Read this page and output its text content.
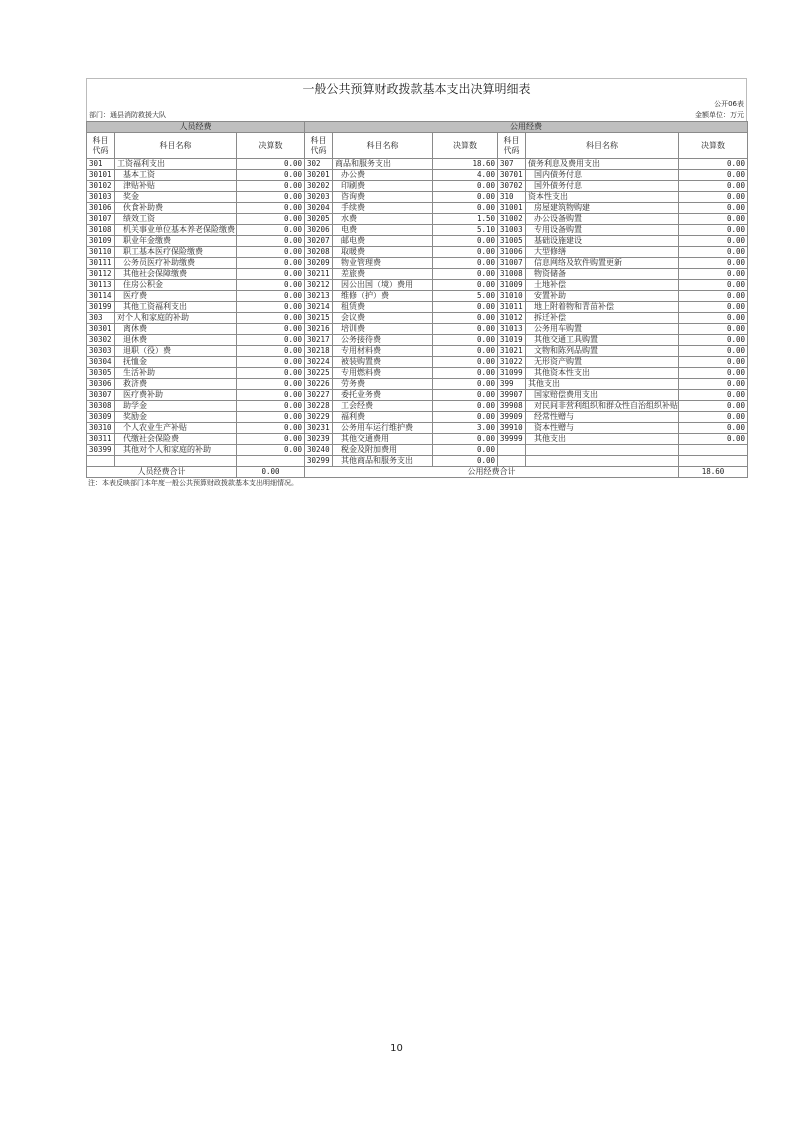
一般公共预算财政拨款基本支出决算明细表
公开06表
部门：通县消防救援大队	金额单位：万元
人员经费			公用经费					
科目代码	科目名称	决算数	科目代码	科目名称	决算数	科目代码	科目名称	决算数
301	工资福利支出	0.00	302	商品和服务支出	18.60	307	债务利息及费用支出	0.00
30101	基本工资	0.00	30201	办公费	4.00	30701	国内债务付息	0.00
30102	津贴补贴	0.00	30202	印刷费	0.00	30702	国外债务付息	0.00
30103	奖金	0.00	30203	咨询费	0.00	310	资本性支出	0.00
30106	伙食补助费	0.00	30204	手续费	0.00	31001	房屋建筑物购建	0.00
30107	绩效工资	0.00	30205	水费	1.50	31002	办公设备购置	0.00
30108	机关事业单位基本养老保险缴费	0.00	30206	电费	5.10	31003	专用设备购置	0.00
30109	职业年金缴费	0.00	30207	邮电费	0.00	31005	基础设施建设	0.00
30110	职工基本医疗保险缴费	0.00	30208	取暖费	0.00	31006	大型修缮	0.00
30111	公务员医疗补助缴费	0.00	30209	物业管理费	0.00	31007	信息网络及软件购置更新	0.00
30112	其他社会保障缴费	0.00	30211	差旅费	0.00	31008	物资储备	0.00
30113	住房公积金	0.00	30212	因公出国（境）费用	0.00	31009	土地补偿	0.00
30114	医疗费	0.00	30213	维修（护）费	5.00	31010	安置补助	0.00
30199	其他工资福利支出	0.00	30214	租赁费	0.00	31011	地上附着物和青苗补偿	0.00
303	对个人和家庭的补助	0.00	30215	会议费	0.00	31012	拆迁补偿	0.00
30301	离休费	0.00	30216	培训费	0.00	31013	公务用车购置	0.00
30302	退休费	0.00	30217	公务接待费	0.00	31019	其他交通工具购置	0.00
30303	退职（役）费	0.00	30218	专用材料费	0.00	31021	文物和陈列品购置	0.00
30304	抚恤金	0.00	30224	被装购置费	0.00	31022	无形资产购置	0.00
30305	生活补助	0.00	30225	专用燃料费	0.00	31099	其他资本性支出	0.00
30306	救济费	0.00	30226	劳务费	0.00	399	其他支出	0.00
30307	医疗费补助	0.00	30227	委托业务费	0.00	39907	国家赔偿费用支出	0.00
30308	助学金	0.00	30228	工会经费	0.00	39908	对民间非营利组织和群众性自治组织补贴	0.00
30309	奖励金	0.00	30229	福利费	0.00	39909	经常性赠与	0.00
30310	个人农业生产补贴	0.00	30231	公务用车运行维护费	3.00	39910	资本性赠与	0.00
30311	代缴社会保险费	0.00	30239	其他交通费用	0.00	39999	其他支出	0.00
30399	其他对个人和家庭的补助	0.00	30240	税金及附加费用	0.00			
			30299	其他商品和服务支出	0.00			
人员经费合计		0.00	公用经费合计					18.60
注：本表反映部门本年度一般公共预算财政拨款基本支出明细情况。
10
